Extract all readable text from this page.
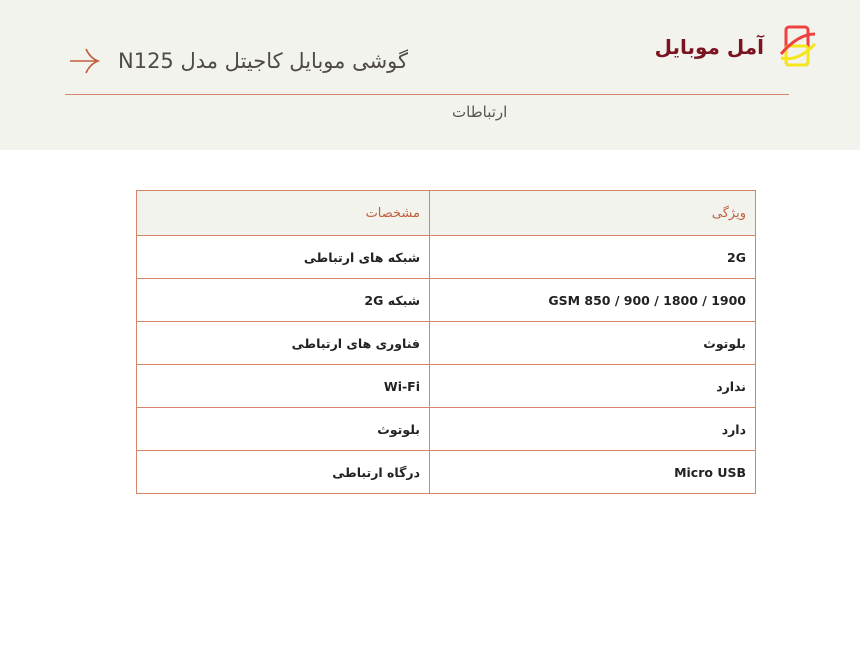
آمل موبایل
گوشی موبایل کاجیتل مدل N125
ارتباطات
ویژگی	مشخصات
2G	شبکه های ارتباطی
GSM 850 / 900 / 1800 / 1900	شبکه 2G
بلوتوث	فناوری های ارتباطی
ندارد	Wi-Fi
دارد	بلوتوث
Micro USB	درگاه ارتباطی
